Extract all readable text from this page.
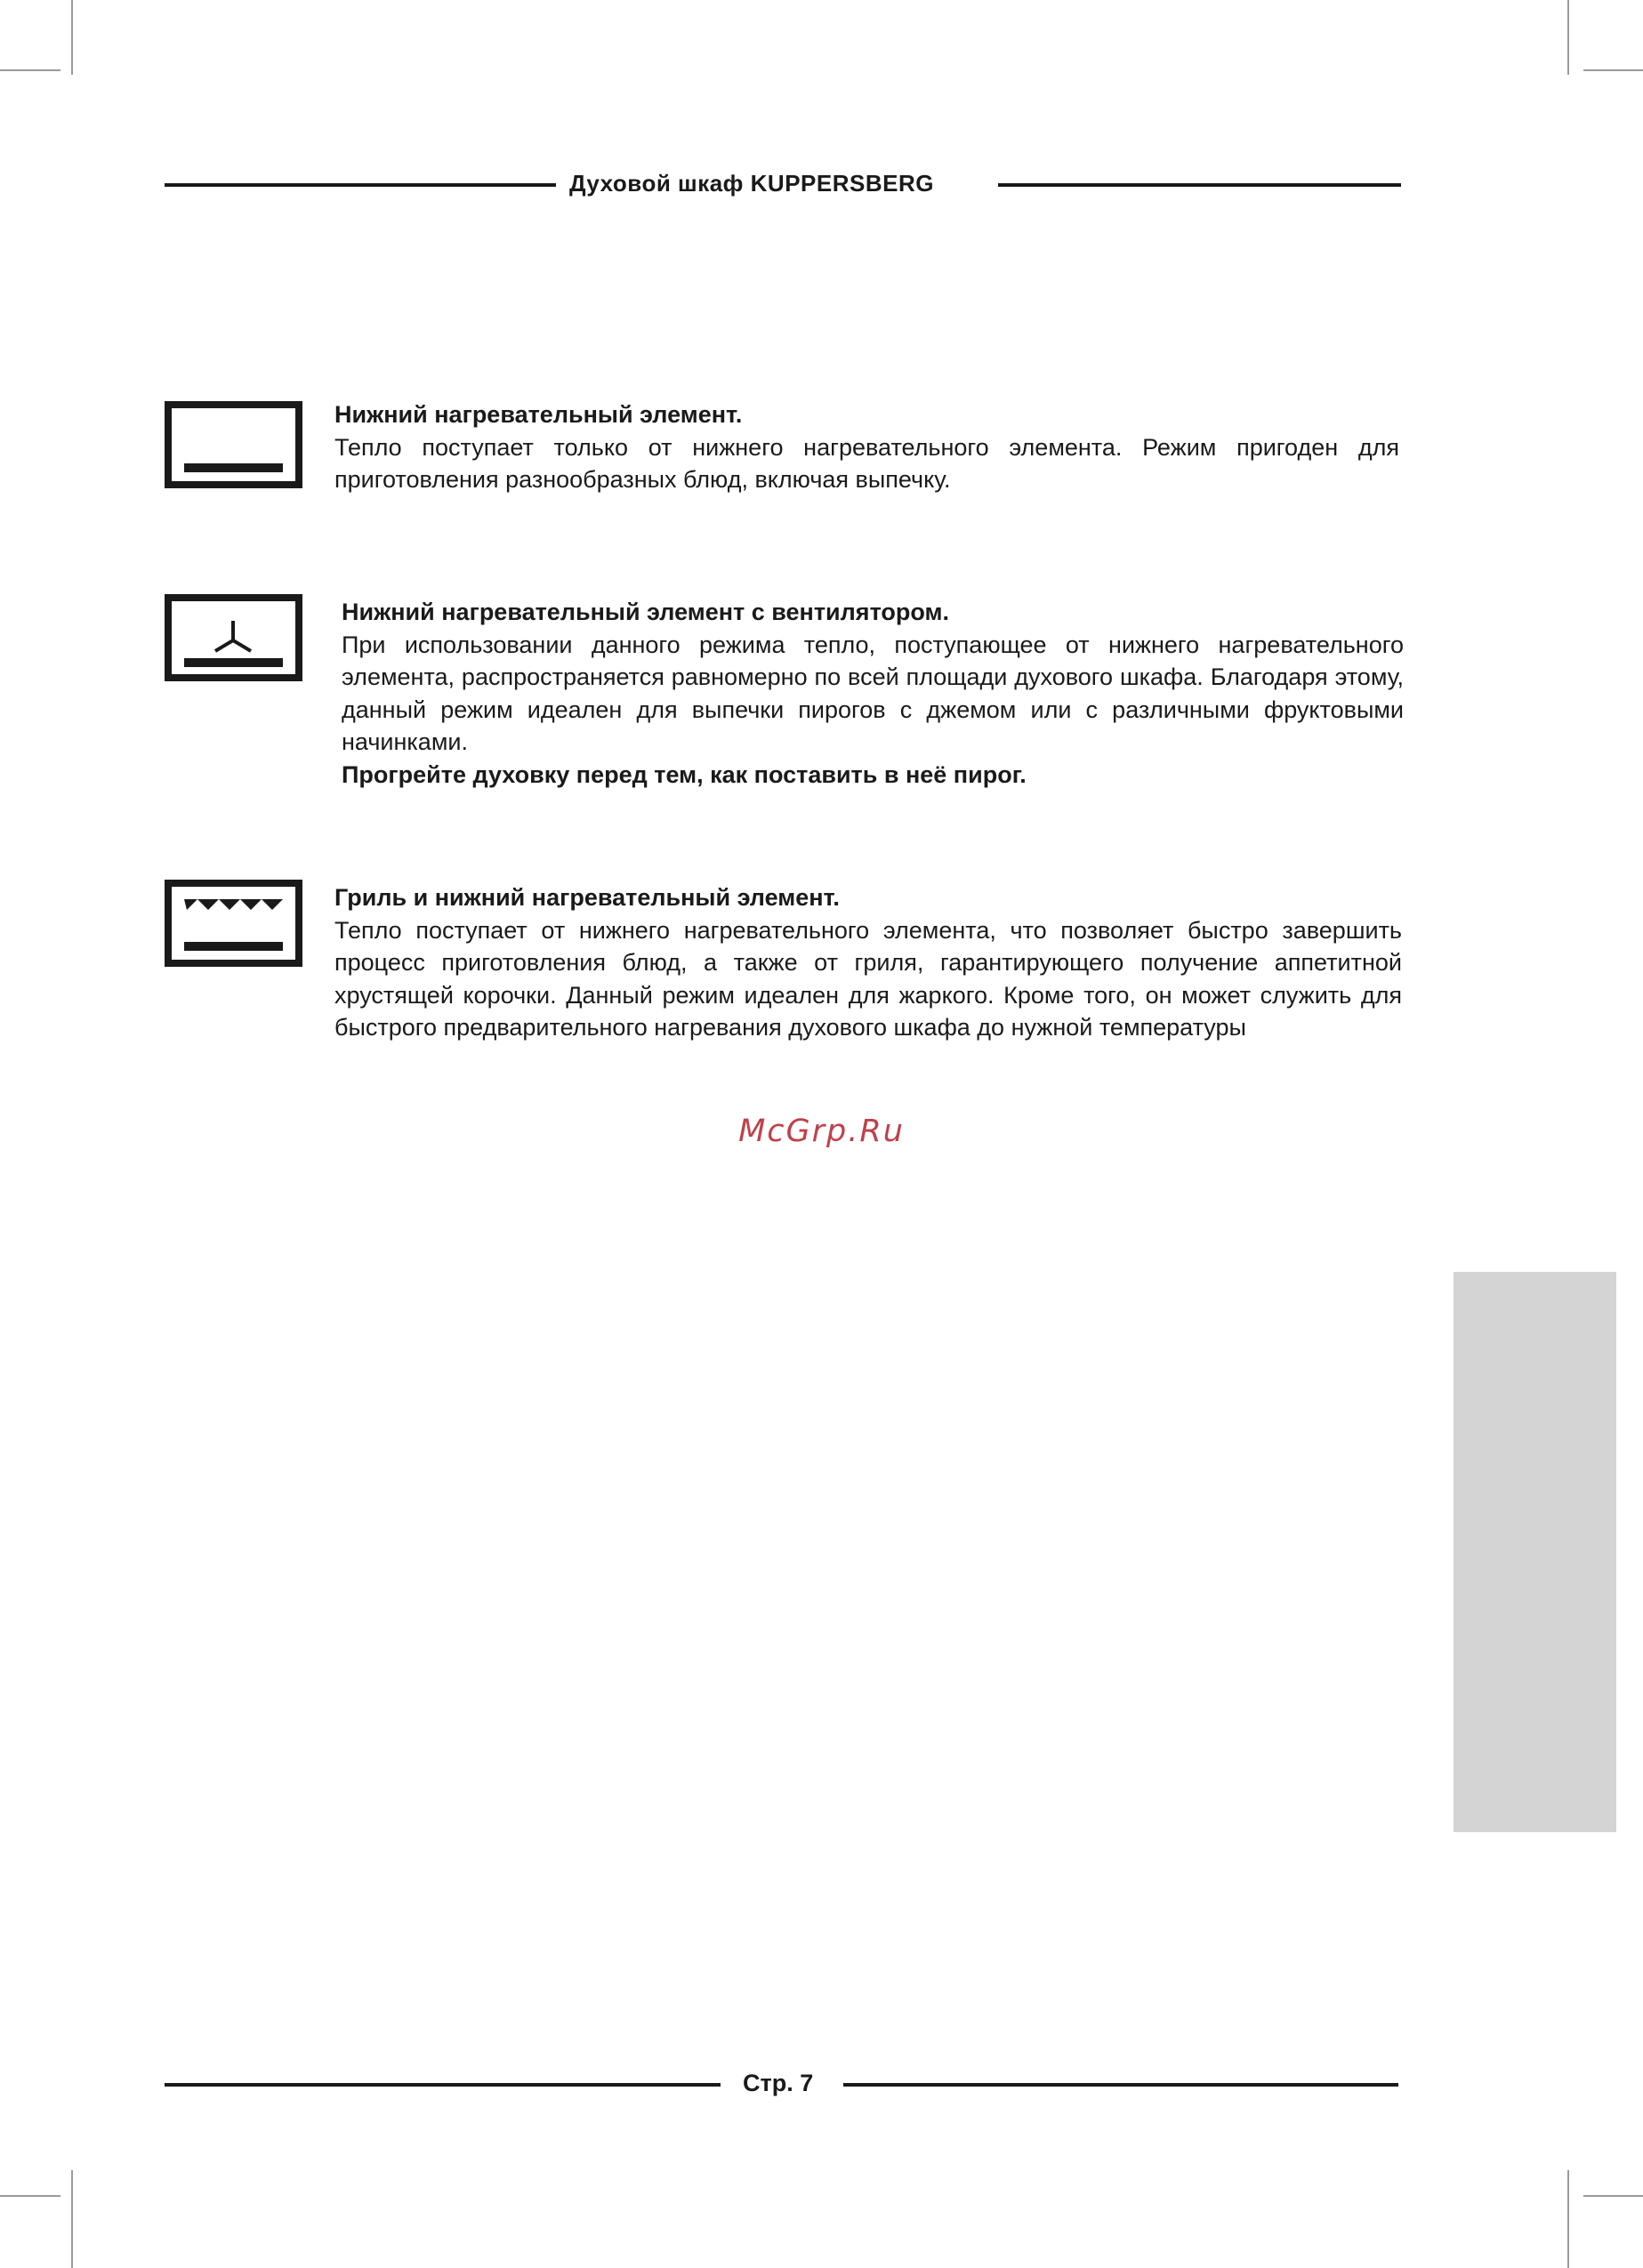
Духовой шкаф KUPPERSBERG
Нижний нагревательный элемент.
Тепло поступает только от нижнего нагревательного элемента. Режим пригоден для приготовления разнообразных блюд, включая выпечку.
Нижний нагревательный элемент с вентилятором.
При использовании данного режима тепло, поступающее от нижнего нагревательного элемента, распространяется равномерно по всей площади духового шкафа. Благодаря этому, данный режим идеален для выпечки пирогов с джемом или с различными фруктовыми начинками.
Прогрейте духовку перед тем, как поставить в неё пирог.
Гриль и нижний нагревательный элемент.
Тепло поступает от нижнего нагревательного элемента, что позволяет быстро завершить процесс приготовления блюд, а также от гриля, гарантирующего получение аппетитной хрустящей корочки. Данный режим идеален для жаркого. Кроме того, он может служить для быстрого предварительного нагревания духового шкафа до нужной температуры
McGrp.Ru
Стр. 7
